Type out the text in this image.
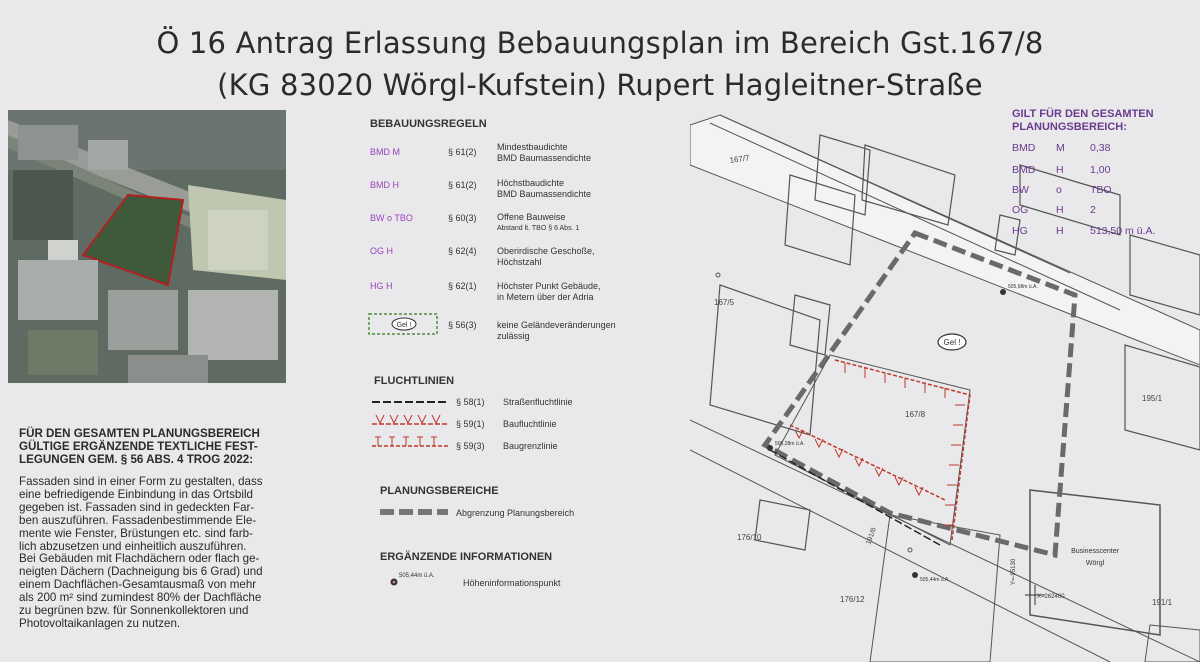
Ö 16 Antrag Erlassung Bebauungsplan im Bereich Gst.167/8
(KG 83020 Wörgl-Kufstein) Rupert Hagleitner-Straße
BEBAUUNGSREGELN
BMD M	§ 61(2) Mindestbaudichte
BMD Baumassendichte
BMD H	§ 61(2) Höchstbaudichte
BMD Baumassendichte
BW o TBO	§ 60(3) Offene Bauweise
Abstand lt. TBO § 6 Abs. 1
OG H	§ 62(4) Oberirdische Geschoße,
Höchstzahl
HG H	§ 62(1) Höchster Punkt Gebäude,
in Metern über der Adria
Gel !	§ 56(3) keine Geländeveränderungen
zulässig
FLUCHTLINIEN
§ 58(1) Straßenfluchtlinie
§ 59(1) Baufluchtlinie
§ 59(3) Baugrenzlinie
PLANUNGSBEREICHE
Abgrenzung Planungsbereich
ERGÄNZENDE INFORMATIONEN
505,44m ü.A.
Höheninformationspunkt
FÜR DEN GESAMTEN PLANUNGSBEREICH
GÜLTIGE ERGÄNZENDE TEXTLICHE FEST-
LEGUNGEN GEM. § 56 ABS. 4 TROG 2022:
Fassaden sind in einer Form zu gestalten, dass
eine befriedigende Einbindung in das Ortsbild
gegeben ist. Fassaden sind in gedeckten Far-
ben auszuführen. Fassadenbestimmende Ele-
mente wie Fenster, Brüstungen etc. sind farb-
lich abzusetzen und einheitlich auszuführen.
Bei Gebäuden mit Flachdächern oder flach ge-
neigten Dächern (Dachneigung bis 6 Grad) und
einem Dachflächen-Gesamtausmaß von mehr
als 200 m² sind zumindest 80% der Dachfläche
zu begrünen bzw. für Sonnenkollektoren und
Photovoltaikanlagen zu nutzen.
Gel !
505,68m ü.A.
505,28m ü.A.
505,44m ü.A.
167/7
167/5
167/8
195/1
176/10
176/12	191/1
191/8
Businesscenter
Wörgl
Y=-95130
X=262400
GILT FÜR DEN GESAMTEN
PLANUNGSBEREICH:
BMD M 0,38
BMD H	1,00
BW	o	TBO
OG	H	2
HG	H	513,50 m ü.A.
